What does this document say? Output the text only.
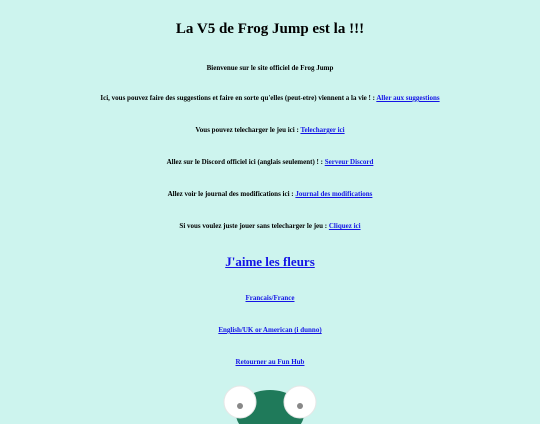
La V5 de Frog Jump est la !!!

Bienvenue sur le site officiel de Frog Jump

Ici, vous pouvez faire des suggestions et faire en sorte qu'elles (peut-etre) viennent a la vie ! : Aller aux suggestions

Vous pouvez telecharger le jeu ici : Telecharger ici

Allez sur le Discord officiel ici (anglais seulement) ! : Serveur Discord

Allez voir le journal des modifications ici : Journal des modifications

Si vous voulez juste jouer sans telecharger le jeu : Cliquez ici

J'aime les fleurs

Francais/France

English/UK or American (i dunno)

Retourner au Fun Hub
